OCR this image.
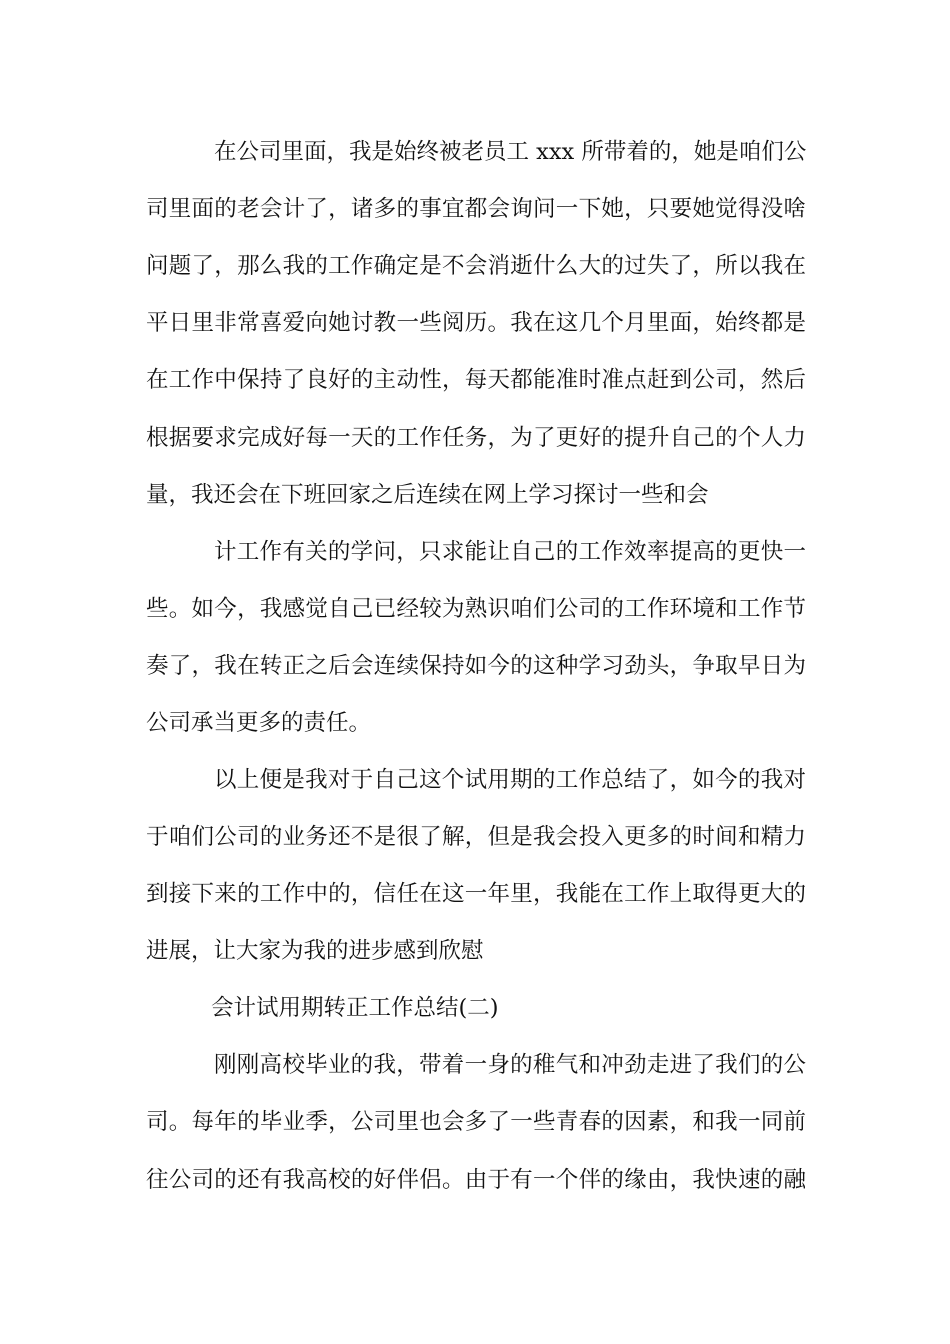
在公司里面，我是始终被老员工 xxx 所带着的，她是咱们公
司里面的老会计了，诸多的事宜都会询问一下她，只要她觉得没啥
问题了，那么我的工作确定是不会消逝什么大的过失了，所以我在
平日里非常喜爱向她讨教一些阅历。我在这几个月里面，始终都是
在工作中保持了良好的主动性，每天都能准时准点赶到公司，然后
根据要求完成好每一天的工作任务，为了更好的提升自己的个人力
量，我还会在下班回家之后连续在网上学习探讨一些和会
计工作有关的学问，只求能让自己的工作效率提高的更快一
些。如今，我感觉自己已经较为熟识咱们公司的工作环境和工作节
奏了，我在转正之后会连续保持如今的这种学习劲头，争取早日为
公司承当更多的责任。
以上便是我对于自己这个试用期的工作总结了，如今的我对
于咱们公司的业务还不是很了解，但是我会投入更多的时间和精力
到接下来的工作中的，信任在这一年里，我能在工作上取得更大的
进展，让大家为我的进步感到欣慰
会计试用期转正工作总结(二)
刚刚高校毕业的我，带着一身的稚气和冲劲走进了我们的公
司。每年的毕业季，公司里也会多了一些青春的因素，和我一同前
往公司的还有我高校的好伴侣。由于有一个伴的缘由，我快速的融
